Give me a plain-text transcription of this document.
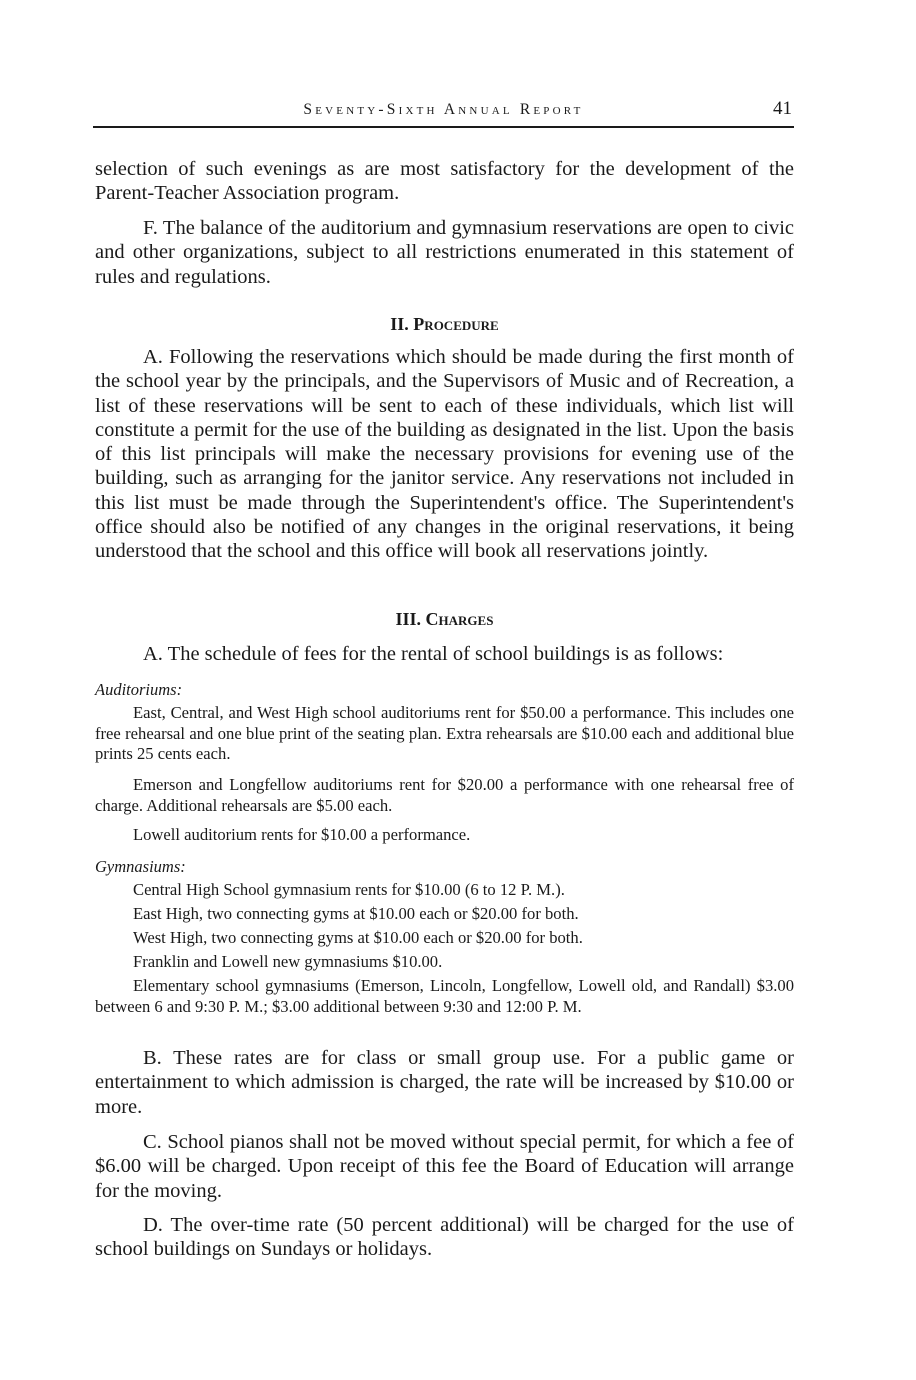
Seventy-Sixth Annual Report	41

selection of such evenings as are most satisfactory for the development of the Parent-Teacher Association program.

F. The balance of the auditorium and gymnasium reservations are open to civic and other organizations, subject to all restrictions enumerated in this statement of rules and regulations.

II. Procedure

A. Following the reservations which should be made during the first month of the school year by the principals, and the Supervisors of Music and of Recreation, a list of these reservations will be sent to each of these individuals, which list will constitute a permit for the use of the building as designated in the list. Upon the basis of this list principals will make the necessary provisions for evening use of the building, such as arranging for the janitor service. Any reservations not included in this list must be made through the Superintendent's office. The Superintendent's office should also be notified of any changes in the original reservations, it being understood that the school and this office will book all reservations jointly.

III. Charges

A. The schedule of fees for the rental of school buildings is as follows:

Auditoriums:

East, Central, and West High school auditoriums rent for $50.00 a performance. This includes one free rehearsal and one blue print of the seating plan. Extra rehearsals are $10.00 each and additional blue prints 25 cents each.

Emerson and Longfellow auditoriums rent for $20.00 a performance with one rehearsal free of charge. Additional rehearsals are $5.00 each.

Lowell auditorium rents for $10.00 a performance.

Gymnasiums:

Central High School gymnasium rents for $10.00 (6 to 12 P. M.).

East High, two connecting gyms at $10.00 each or $20.00 for both.

West High, two connecting gyms at $10.00 each or $20.00 for both.

Franklin and Lowell new gymnasiums $10.00.

Elementary school gymnasiums (Emerson, Lincoln, Longfellow, Lowell old, and Randall) $3.00 between 6 and 9:30 P. M.; $3.00 additional between 9:30 and 12:00 P. M.

B. These rates are for class or small group use. For a public game or entertainment to which admission is charged, the rate will be increased by $10.00 or more.

C. School pianos shall not be moved without special permit, for which a fee of $6.00 will be charged. Upon receipt of this fee the Board of Education will arrange for the moving.

D. The over-time rate (50 percent additional) will be charged for the use of school buildings on Sundays or holidays.
